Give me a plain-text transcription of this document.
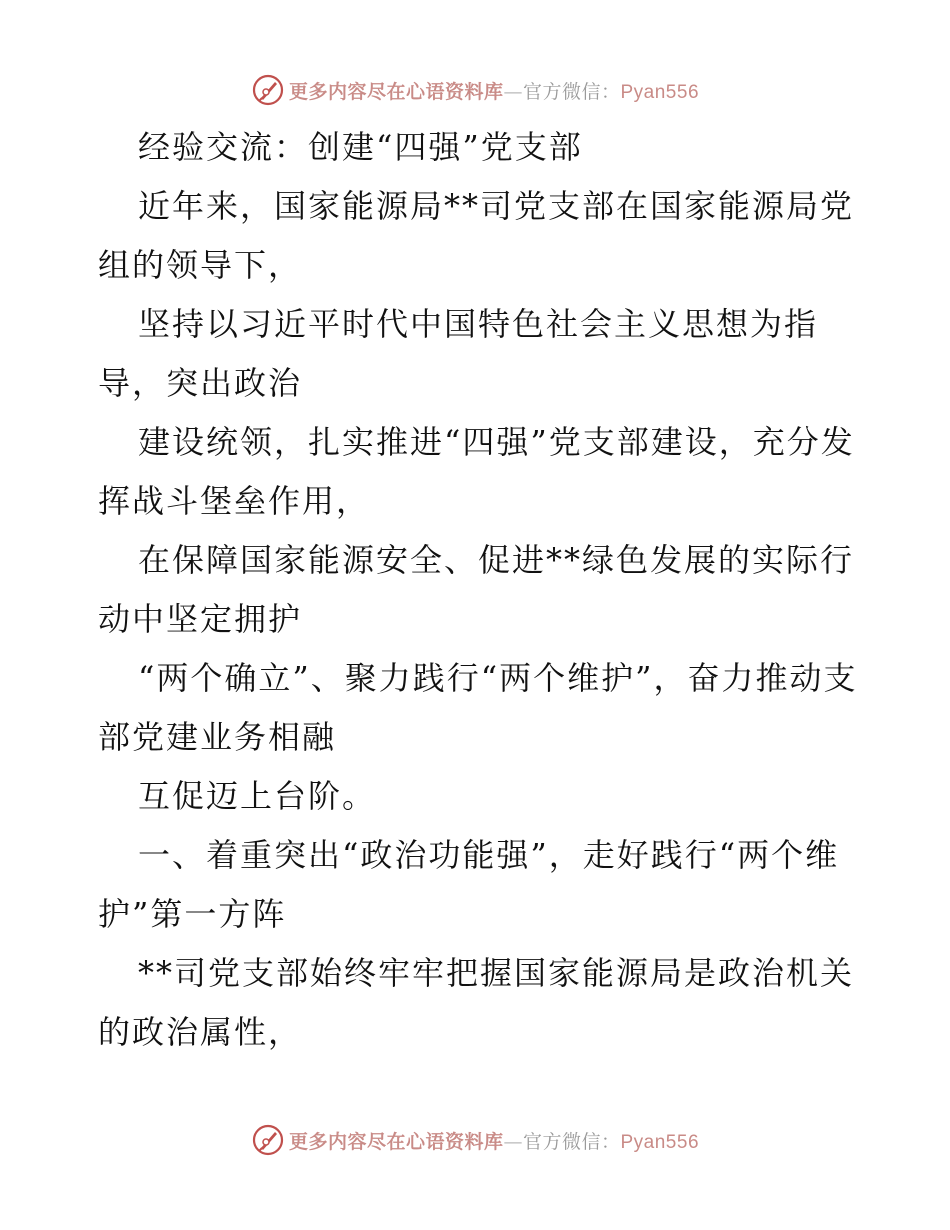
更多内容尽在心语资料库—官方微信：Pyan556

经验交流：创建“四强”党支部

近年来，国家能源局**司党支部在国家能源局党组的领导下，

坚持以习近平时代中国特色社会主义思想为指导，突出政治

建设统领，扎实推进“四强”党支部建设，充分发挥战斗堡垒作用，

在保障国家能源安全、促进**绿色发展的实际行动中坚定拥护

“两个确立”、聚力践行“两个维护”，奋力推动支部党建业务相融

互促迈上台阶。

一、着重突出“政治功能强”，走好践行“两个维护”第一方阵

**司党支部始终牢牢把握国家能源局是政治机关的政治属性，

更多内容尽在心语资料库—官方微信：Pyan556
